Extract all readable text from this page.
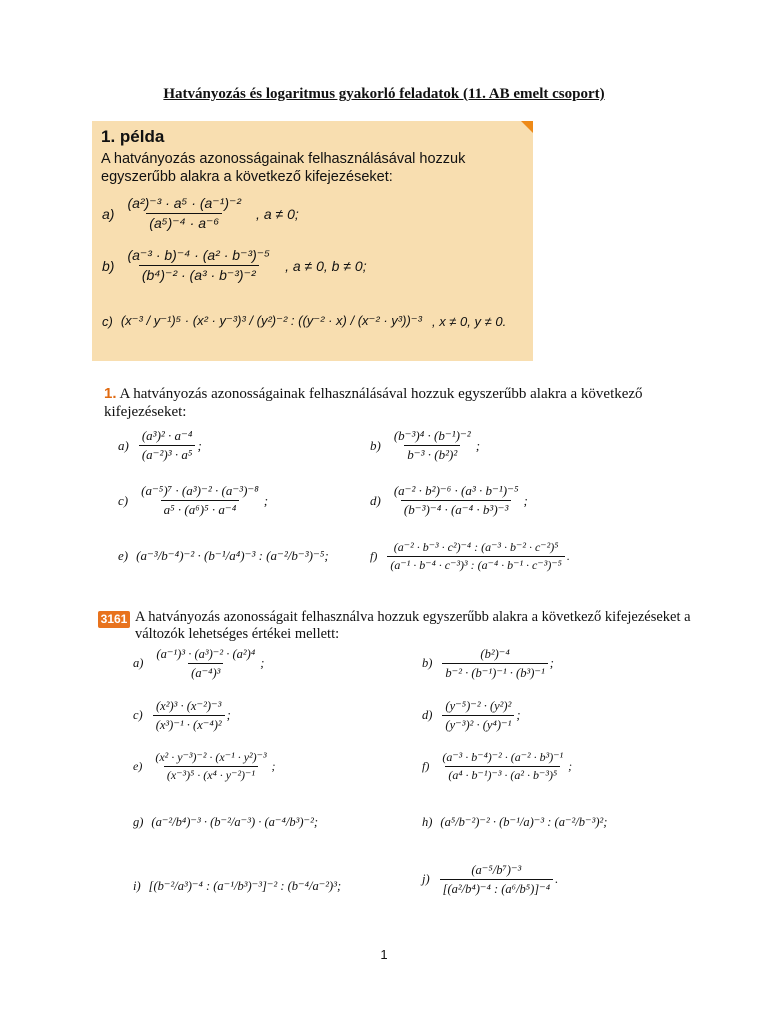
Hatványozás és logaritmus gyakorló feladatok (11. AB emelt csoport)
1. példa
A hatványozás azonosságainak felhasználásával hozzuk egyszerűbb alakra a következő kifejezéseket:
$a) \frac{\text{(a²)⁻³ · a⁵ · (a⁻¹)⁻²}}{\text{(a⁵)⁻⁴ · a⁻⁶}}$ , a ≠ 0;
$b) \frac{\text{(a⁻³ · b)⁻⁴ · (a² · b⁻³)⁻⁵}}{\text{(b⁴)⁻² · (a³ · b⁻³)⁻²}}$ , a ≠ 0, b ≠ 0;
c) (x⁻³ / y⁻¹)⁵ · (x² · y⁻³)³ / (y²)⁻² : ((y⁻² · x) / (x⁻² · y³))⁻³ , x ≠ 0, y ≠ 0.
1. A hatványozás azonosságainak felhasználásával hozzuk egyszerűbb alakra a következő kifejezéseket:
$a) \frac{\text{(a³)² · a⁻⁴}}{\text{(a⁻²)³ · a⁵}}$ ;	$b) \frac{\text{(b⁻³)⁴ · (b⁻¹)⁻²}}{\text{b⁻³ · (b²)²}}$ ;
$c) \frac{\text{(a⁻⁵)⁷ · (a³)⁻² · (a⁻³)⁻⁸}}{\text{a⁵ · (a⁶)⁵ · a⁻⁴}}$ ;	$d) \frac{\text{(a⁻² · b²)⁻⁶ · (a³ · b⁻¹)⁻⁵}}{\text{(b⁻³)⁻⁴ · (a⁻⁴ · b³)⁻³}}$ ;
e) (a⁻³/b⁻⁴)⁻² · (b⁻¹/a⁴)⁻³ : (a⁻²/b⁻³)⁻⁵ ;	$f) \frac{\text{(a⁻² · b⁻³ · c²)⁻⁴ : (a⁻³ · b⁻² · c⁻²)⁵}}{\text{(a⁻¹ · b⁻⁴ · c⁻³)³ : (a⁻⁴ · b⁻¹ · c⁻³)⁻⁵}}$ .
3161 A hatványozás azonosságait felhasználva hozzuk egyszerűbb alakra a következő kifejezéseket a változók lehetséges értékei mellett:
$a) \frac{\text{(a⁻¹)³ · (a³)⁻² · (a²)⁴}}{\text{(a⁻⁴)³}}$ ;	$b) \frac{\text{(b²)⁻⁴}}{\text{b⁻² · (b⁻¹)⁻¹ · (b³)⁻¹}}$ ;
$c) \frac{\text{(x²)³ · (x⁻²)⁻³}}{\text{(x³)⁻¹ · (x⁻⁴)²}}$ ;	$d) \frac{\text{(y⁻⁵)⁻² · (y²)²}}{\text{(y⁻³)² · (y⁴)⁻¹}}$ ;
$e) \frac{\text{(x² · y⁻³)⁻² · (x⁻¹ · y²)⁻³}}{\text{(x⁻³)⁵ · (x⁴ · y⁻²)⁻¹}}$ ;	$f) \frac{\text{(a⁻³ · b⁻⁴)⁻² · (a⁻² · b³)⁻¹}}{\text{(a⁴ · b⁻¹)⁻³ · (a² · b⁻³)⁵}}$ ;
g) (a⁻²/b⁴)⁻³ · (b⁻²/a⁻³) · (a⁻⁴/b³)⁻² ;	h) (a⁵/b⁻²)⁻² · (b⁻¹/a)⁻³ : (a⁻²/b⁻³)² ;
i) [(b⁻²/a³)⁻⁴ : (a⁻¹/b³)⁻³]⁻² : (b⁻⁴/a⁻²)³ ;	$j) \frac{\text{(a⁻⁵/b⁷)⁻³}}{\text{[(a²/b⁴)⁻⁴ : (a⁶/b⁵)]⁻⁴}}$ .
1
